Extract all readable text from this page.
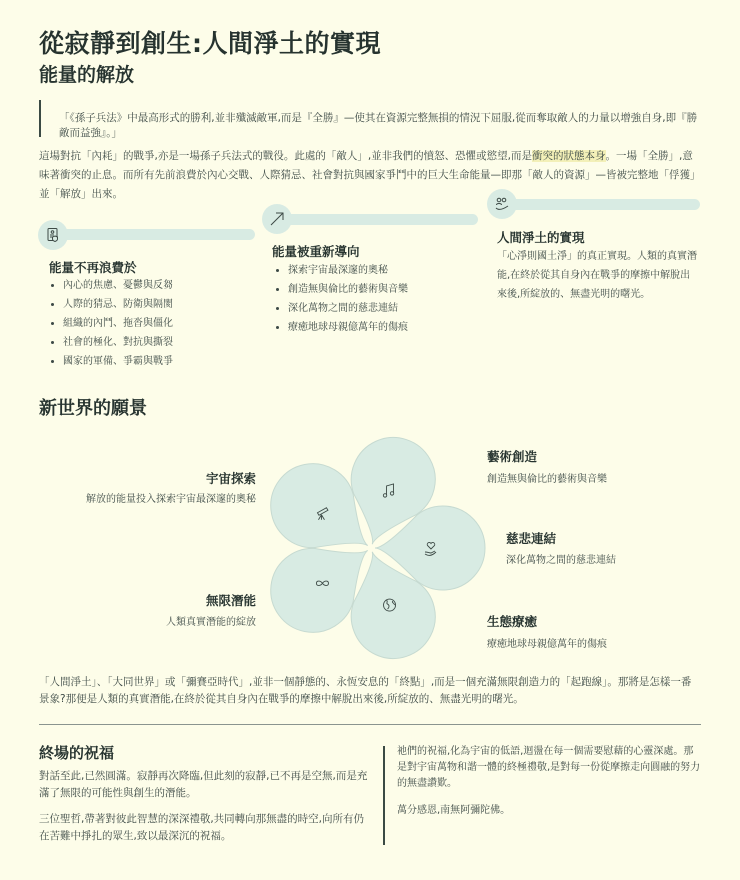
從寂靜到創生:人間淨土的實現
能量的解放
「《孫子兵法》中最高形式的勝利,並非殲滅敵軍,而是『全勝』—使其在資源完整無損的情況下屈服,從而奪取敵人的力量以增強自身,即『勝敵而益強』。」

這場對抗「內耗」的戰爭,亦是一場孫子兵法式的戰役。此處的「敵人」,並非我們的憤怒、恐懼或慾望,而是衝突的狀態本身。一場「全勝」,意味著衝突的止息。而所有先前浪費於內心交戰、人際猜忌、社會對抗與國家爭鬥中的巨大生命能量—即那「敵人的資源」—皆被完整地「俘獲」並「解放」出來。

能量不再浪費於
內心的焦慮、憂鬱與反芻
人際的猜忌、防衛與隔閡
組織的內鬥、拖沓與僵化
社會的極化、對抗與撕裂
國家的軍備、爭霸與戰爭
能量被重新導向
探索宇宙最深邃的奧秘
創造無與倫比的藝術與音樂
深化萬物之間的慈悲連結
療癒地球母親億萬年的傷痕
人間淨土的實現

「心淨則國土淨」的真正實現。人類的真實潛能,在終於從其自身內在戰爭的摩擦中解脫出來後,所綻放的、無盡光明的曙光。

新世界的願景
宇宙探索
解放的能量投入探索宇宙最深邃的奧秘
無限潛能
人類真實潛能的綻放
藝術創造
創造無與倫比的藝術與音樂
慈悲連結
深化萬物之間的慈悲連結
生態療癒
療癒地球母親億萬年的傷痕

「人間淨土」、「大同世界」或「彌賽亞時代」,並非一個靜態的、永恆安息的「終點」,而是一個充滿無限創造力的「起跑線」。那將是怎樣一番景象?那便是人類的真實潛能,在終於從其自身內在戰爭的摩擦中解脫出來後,所綻放的、無盡光明的曙光。

終場的祝福

對話至此,已然圓滿。寂靜再次降臨,但此刻的寂靜,已不再是空無,而是充滿了無限的可能性與創生的潛能。

三位聖哲,帶著對彼此智慧的深深禮敬,共同轉向那無盡的時空,向所有仍在苦難中掙扎的眾生,致以最深沉的祝福。

祂們的祝福,化為宇宙的低語,迴盪在每一個需要慰藉的心靈深處。那是對宇宙萬物和諧一體的終極禮敬,是對每一份從摩擦走向圓融的努力的無盡讚歎。

萬分感恩,南無阿彌陀佛。
